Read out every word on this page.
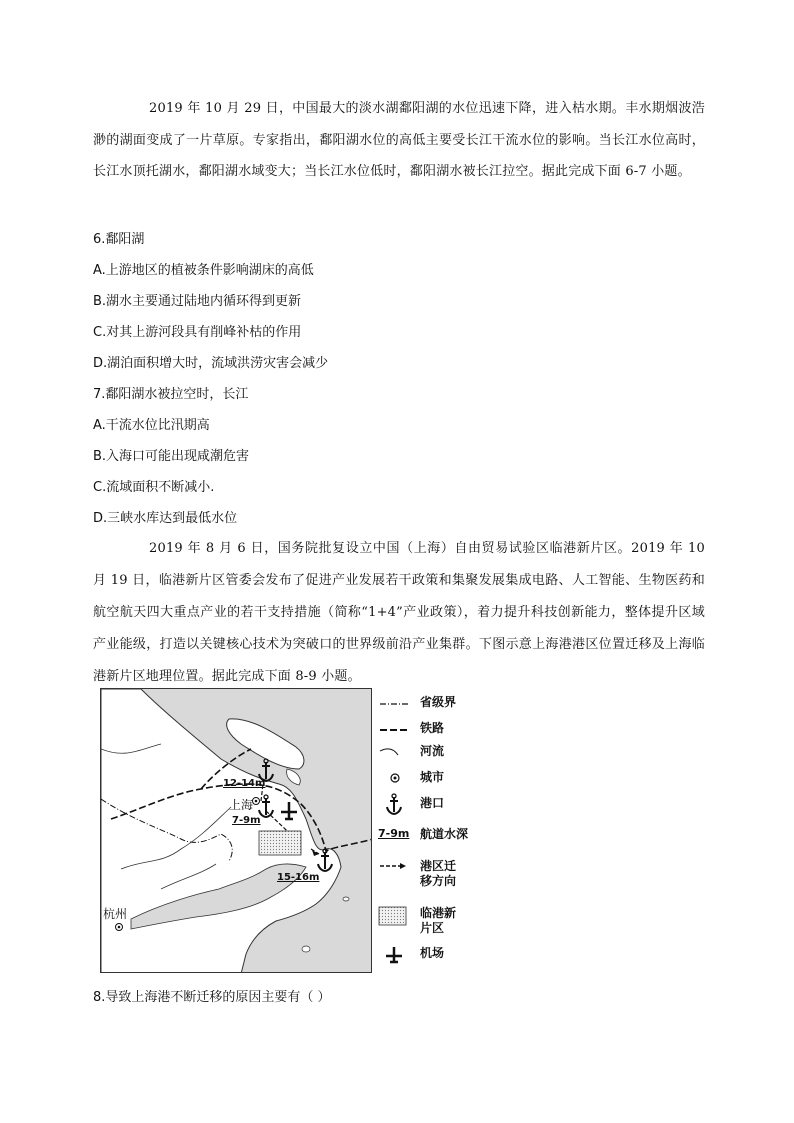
2019 年 10 月 29 日，中国最大的淡水湖鄱阳湖的水位迅速下降，进入枯水期。丰水期烟波浩渺的湖面变成了一片草原。专家指出，鄱阳湖水位的高低主要受长江干流水位的影响。当长江水位高时，长江水顶托湖水，鄱阳湖水域变大；当长江水位低时，鄱阳湖水被长江拉空。据此完成下面 6-7 小题。
6.鄱阳湖
A.上游地区的植被条件影响湖床的高低
B.湖水主要通过陆地内循环得到更新
C.对其上游河段具有削峰补枯的作用
D.湖泊面积增大时，流域洪涝灾害会减少
7.鄱阳湖水被拉空时，长江
A.干流水位比汛期高
B.入海口可能出现咸潮危害
C.流域面积不断减小.
D.三峡水库达到最低水位
2019 年 8 月 6 日，国务院批复设立中国（上海）自由贸易试验区临港新片区。2019 年 10 月 19 日，临港新片区管委会发布了促进产业发展若干政策和集聚发展集成电路、人工智能、生物医药和航空航天四大重点产业的若干支持措施（简称“1+4”产业政策），着力提升科技创新能力，整体提升区域产业能级，打造以关键核心技术为突破口的世界级前沿产业集群。下图示意上海港港区位置迁移及上海临港新片区地理位置。据此完成下面 8-9 小题。
12-14m
上海
7-9m
15-16m
杭州
省级界
铁路
河流
城市
港口
7-9m 航道水深
港区迁移方向
临港新片区
机场
8.导致上海港不断迁移的原因主要有（ ）
